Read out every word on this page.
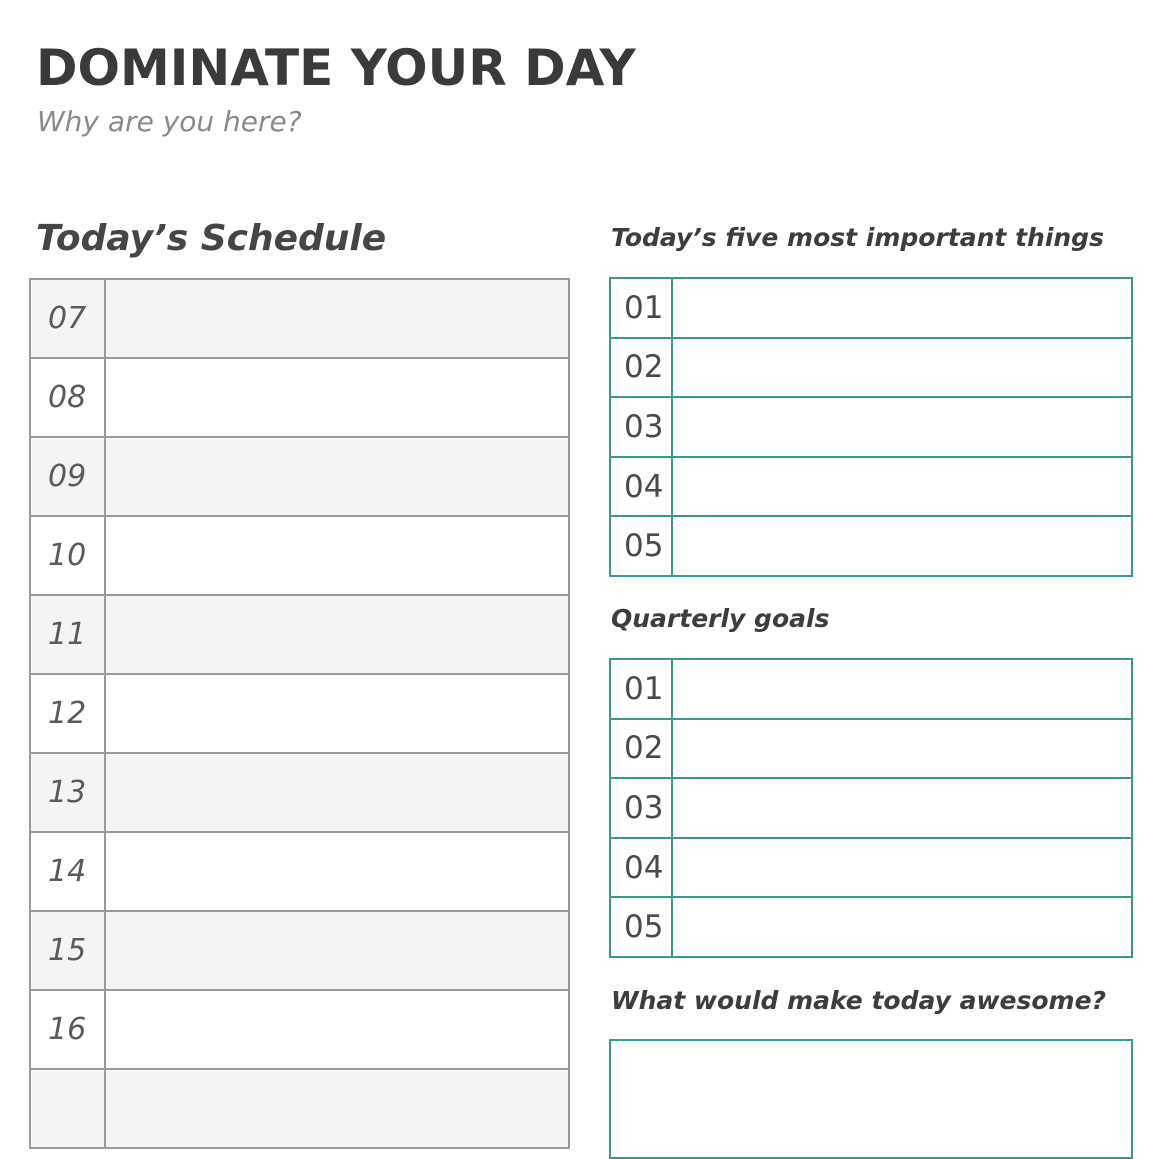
DOMINATE YOUR DAY

Why are you here?

Today’s Schedule
07
08
09
10
11
12
13
14
15
16
Today’s five most important things
01
02
03
04
05
Quarterly goals
01
02
03
04
05
What would make today awesome?
